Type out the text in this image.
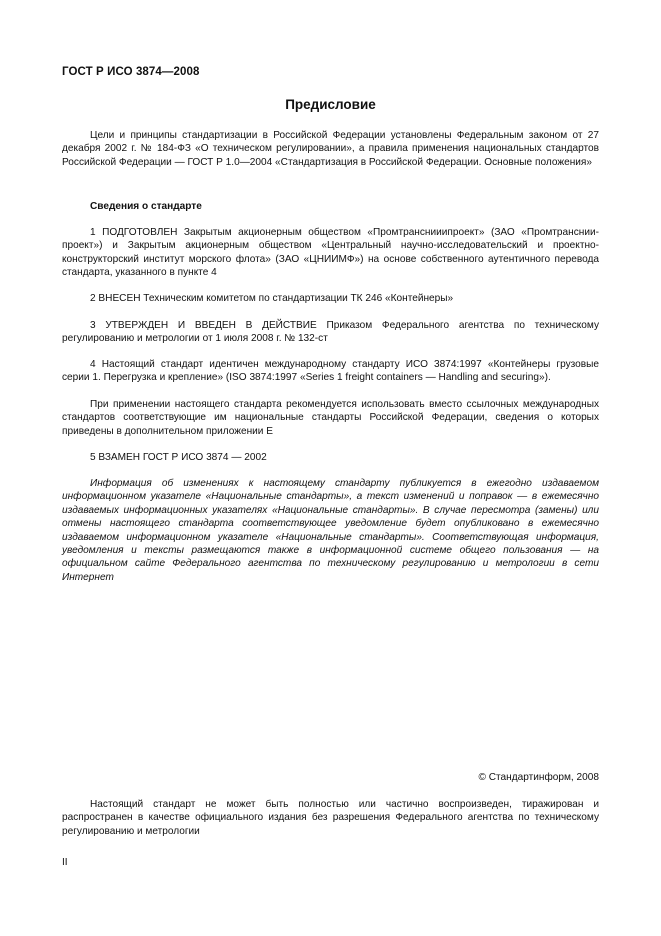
ГОСТ Р ИСО 3874—2008
Предисловие
Цели и принципы стандартизации в Российской Федерации установлены Федеральным законом от 27 декабря 2002 г. № 184-ФЗ «О техническом регулировании», а правила применения национальных стандартов Российской Федерации — ГОСТ Р 1.0—2004 «Стандартизация в Российской Федерации. Основные положения»
Сведения о стандарте
1 ПОДГОТОВЛЕН Закрытым акционерным обществом «Промтранснииипроект» (ЗАО «Промтранснии-проект») и Закрытым акционерным обществом «Центральный научно-исследовательский и проектно-конструкторский институт морского флота» (ЗАО «ЦНИИМФ») на основе собственного аутентичного перевода стандарта, указанного в пункте 4
2 ВНЕСЕН Техническим комитетом по стандартизации ТК 246 «Контейнеры»
3 УТВЕРЖДЕН И ВВЕДЕН В ДЕЙСТВИЕ Приказом Федерального агентства по техническому регулированию и метрологии от 1 июля 2008 г. № 132-ст
4 Настоящий стандарт идентичен международному стандарту ИСО 3874:1997 «Контейнеры грузовые серии 1. Перегрузка и крепление» (ISO 3874:1997 «Series 1 freight containers — Handling and securing»).
При применении настоящего стандарта рекомендуется использовать вместо ссылочных международных стандартов соответствующие им национальные стандарты Российской Федерации, сведения о которых приведены в дополнительном приложении Е
5 ВЗАМЕН ГОСТ Р ИСО 3874 — 2002
Информация об изменениях к настоящему стандарту публикуется в ежегодно издаваемом информационном указателе «Национальные стандарты», а текст изменений и поправок — в ежемесячно издаваемых информационных указателях «Национальные стандарты». В случае пересмотра (замены) или отмены настоящего стандарта соответствующее уведомление будет опубликовано в ежемесячно издаваемом информационном указателе «Национальные стандарты». Соответствующая информация, уведомления и тексты размещаются также в информационной системе общего пользования — на официальном сайте Федерального агентства по техническому регулированию и метрологии в сети Интернет
© Стандартинформ, 2008
Настоящий стандарт не может быть полностью или частично воспроизведен, тиражирован и распространен в качестве официального издания без разрешения Федерального агентства по техническому регулированию и метрологии
II
